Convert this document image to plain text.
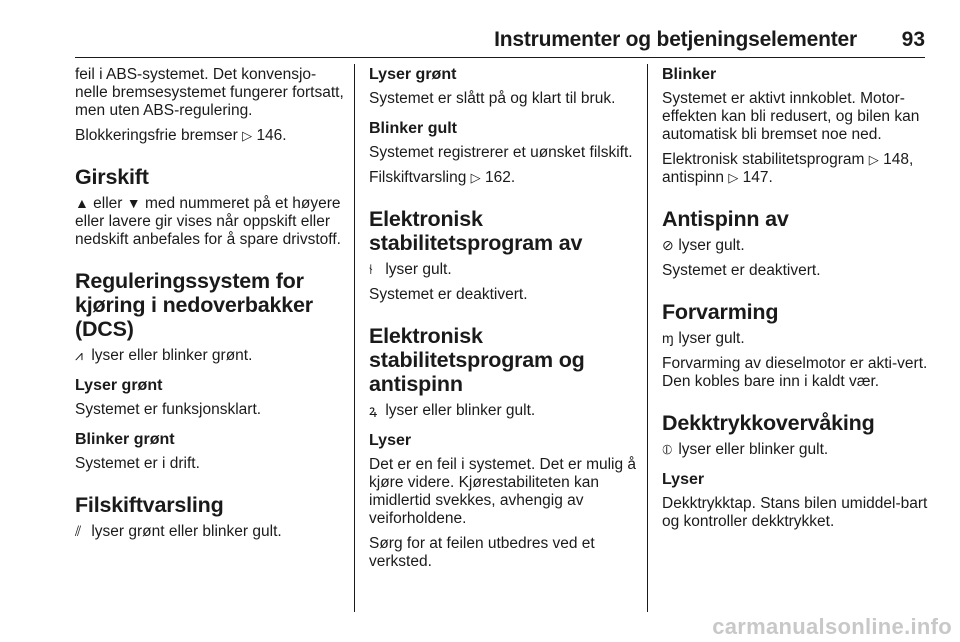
Instrumenter og betjeningselementer 93

feil i ABS-systemet. Det konvensjo-nelle bremsesystemet fungerer fortsatt, men uten ABS-regulering.

Blokkeringsfrie bremser ▷ 146.

Girskift

▲ eller ▼ med nummeret på et høyere eller lavere gir vises når oppskift eller nedskift anbefales for å spare drivstoff.

Reguleringssystem for kjøring i nedoverbakker (DCS)

⩘ lyser eller blinker grønt.

Lyser grønt

Systemet er funksjonsklart.

Blinker grønt

Systemet er i drift.

Filskiftvarsling

⫽ lyser grønt eller blinker gult.

Lyser grønt

Systemet er slått på og klart til bruk.

Blinker gult

Systemet registrerer et uønsket filskift.

Filskiftvarsling ▷ 162.

Elektronisk stabilitetsprogram av

⫮ lyser gult.

Systemet er deaktivert.

Elektronisk stabilitetsprogram og antispinn

ꝝ lyser eller blinker gult.

Lyser

Det er en feil i systemet. Det er mulig å kjøre videre. Kjørestabiliteten kan imidlertid svekkes, avhengig av veiforholdene.

Sørg for at feilen utbedres ved et verksted.

Blinker

Systemet er aktivt innkoblet. Motor-effekten kan bli redusert, og bilen kan automatisk bli bremset noe ned.

Elektronisk stabilitetsprogram ▷ 148, antispinn ▷ 147.

Antispinn av

⊘ lyser gult.

Systemet er deaktivert.

Forvarming

ɱ lyser gult.

Forvarming av dieselmotor er akti-vert. Den kobles bare inn i kaldt vær.

Dekktrykkovervåking

⦶ lyser eller blinker gult.

Lyser

Dekktrykktap. Stans bilen umiddel-bart og kontroller dekktrykket.

carmanualsonline.info
